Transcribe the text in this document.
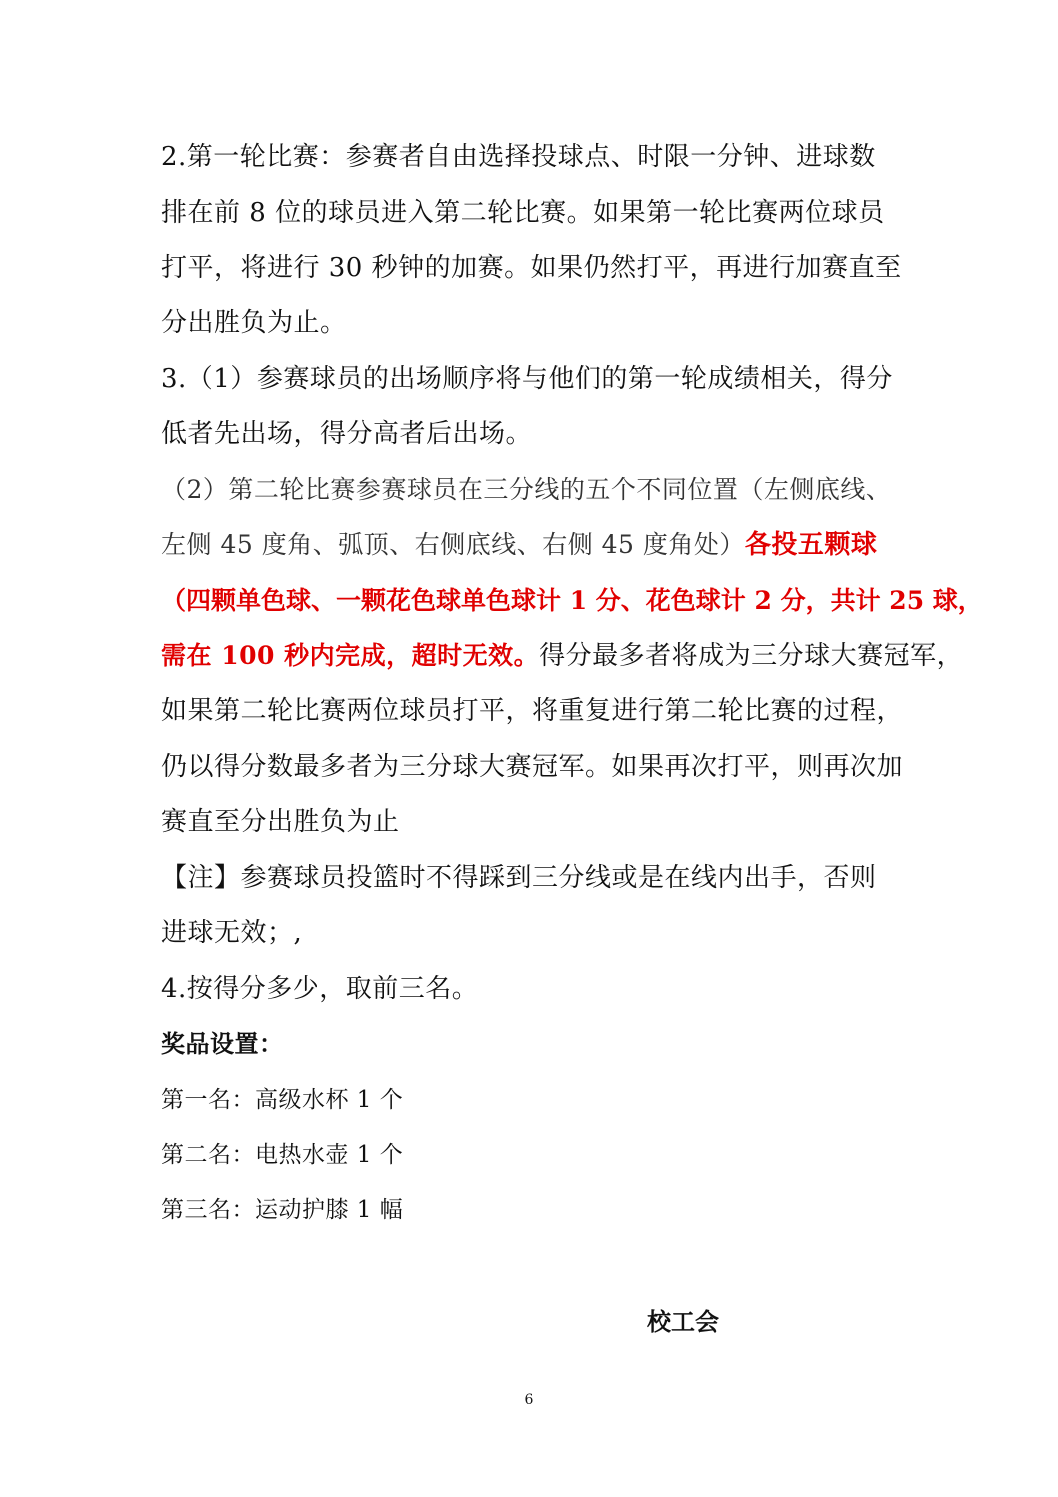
2.第一轮比赛：参赛者自由选择投球点、时限一分钟、进球数
排在前 8 位的球员进入第二轮比赛。如果第一轮比赛两位球员
打平，将进行 30 秒钟的加赛。如果仍然打平，再进行加赛直至
分出胜负为止。
3.（1）参赛球员的出场顺序将与他们的第一轮成绩相关，得分
低者先出场，得分高者后出场。
（2）第二轮比赛参赛球员在三分线的五个不同位置（左侧底线、
左侧 45 度角、弧顶、右侧底线、右侧 45 度角处）各投五颗球
（四颗单色球、一颗花色球单色球计 1 分、花色球计 2 分，共计 25 球，
需在 100 秒内完成，超时无效。得分最多者将成为三分球大赛冠军，
如果第二轮比赛两位球员打平，将重复进行第二轮比赛的过程，
仍以得分数最多者为三分球大赛冠军。如果再次打平，则再次加
赛直至分出胜负为止
【注】参赛球员投篮时不得踩到三分线或是在线内出手，否则
进球无效；,
4.按得分多少，取前三名。
奖品设置：
第一名：高级水杯 1 个
第二名：电热水壶 1 个
第三名：运动护膝 1 幅
校工会
6
